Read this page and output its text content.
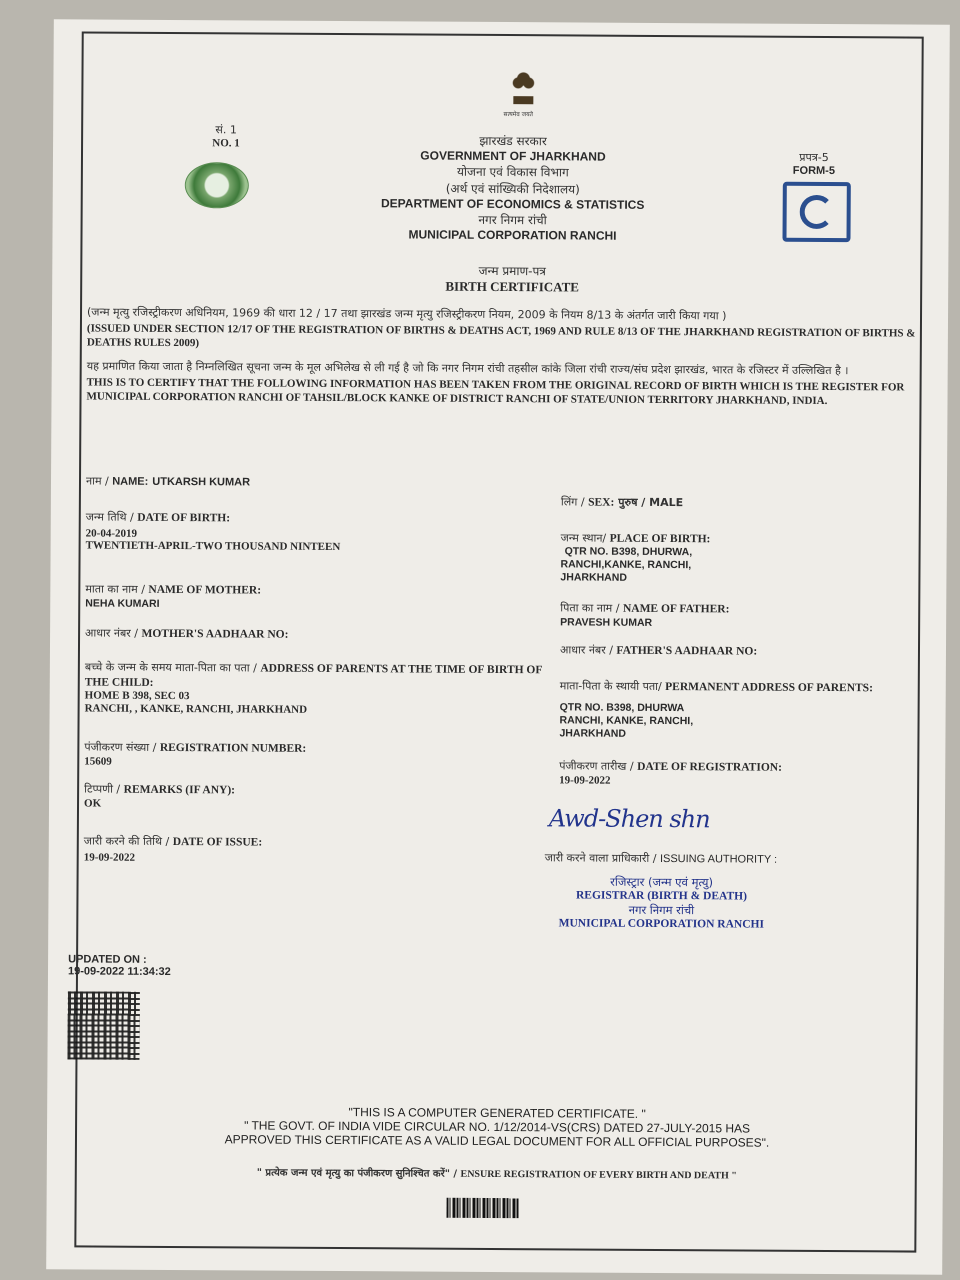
सत्यमेव जयते
सं. 1
NO. 1	झारखंड सरकार
GOVERNMENT OF JHARKHAND
योजना एवं विकास विभाग
(अर्थ एवं सांख्यिकी निदेशालय)
DEPARTMENT OF ECONOMICS & STATISTICS
नगर निगम रांची
MUNICIPAL CORPORATION RANCHI
प्रपत्र-5
FORM-5
जन्म प्रमाण-पत्र
BIRTH CERTIFICATE
(जन्म मृत्यु रजिस्ट्रीकरण अधिनियम, 1969 की धारा 12 / 17 तथा झारखंड जन्म मृत्यु रजिस्ट्रीकरण नियम, 2009 के नियम 8/13 के अंतर्गत जारी किया गया )
(ISSUED UNDER SECTION 12/17 OF THE REGISTRATION OF BIRTHS & DEATHS ACT, 1969 AND RULE 8/13 OF THE JHARKHAND REGISTRATION OF BIRTHS & DEATHS RULES 2009)
यह प्रमाणित किया जाता है निम्नलिखित सूचना जन्म के मूल अभिलेख से ली गई है जो कि नगर निगम रांची तहसील कांके जिला रांची राज्य/संघ प्रदेश झारखंड, भारत के रजिस्टर में उल्लिखित है ।
THIS IS TO CERTIFY THAT THE FOLLOWING INFORMATION HAS BEEN TAKEN FROM THE ORIGINAL RECORD OF BIRTH WHICH IS THE REGISTER FOR MUNICIPAL CORPORATION RANCHI OF TAHSIL/BLOCK KANKE OF DISTRICT RANCHI OF STATE/UNION TERRITORY JHARKHAND, INDIA.
नाम / NAME: UTKARSH KUMAR
जन्म तिथि / DATE OF BIRTH:
20-04-2019
TWENTIETH-APRIL-TWO THOUSAND NINTEEN
माता का नाम / NAME OF MOTHER:
NEHA KUMARI
आधार नंबर / MOTHER'S AADHAAR NO:
बच्चे के जन्म के समय माता-पिता का पता / ADDRESS OF PARENTS AT THE TIME OF BIRTH OF THE CHILD:
HOME B 398, SEC 03
RANCHI, , KANKE, RANCHI, JHARKHAND
पंजीकरण संख्या / REGISTRATION NUMBER:
15609
टिप्पणी / REMARKS (IF ANY):
OK
जारी करने की तिथि / DATE OF ISSUE:
19-09-2022
लिंग / SEX: पुरुष / MALE
जन्म स्थान/ PLACE OF BIRTH:
QTR NO. B398, DHURWA,
RANCHI,KANKE, RANCHI,
JHARKHAND
पिता का नाम / NAME OF FATHER:
PRAVESH KUMAR
आधार नंबर / FATHER'S AADHAAR NO:
माता-पिता के स्थायी पता/ PERMANENT ADDRESS OF PARENTS:
QTR NO. B398, DHURWA
RANCHI, KANKE, RANCHI,
JHARKHAND
पंजीकरण तारीख / DATE OF REGISTRATION:
19-09-2022
Awd-Shen shn
जारी करने वाला प्राधिकारी / ISSUING AUTHORITY :
रजिस्ट्रार (जन्म एवं मृत्यु)
REGISTRAR (BIRTH & DEATH)
नगर निगम रांची
MUNICIPAL CORPORATION RANCHI
UPDATED ON :
19-09-2022 11:34:32
"THIS IS A COMPUTER GENERATED CERTIFICATE. "
" THE GOVT. OF INDIA VIDE CIRCULAR NO. 1/12/2014-VS(CRS) DATED 27-JULY-2015 HAS
APPROVED THIS CERTIFICATE AS A VALID LEGAL DOCUMENT FOR ALL OFFICIAL PURPOSES".
" प्रत्येक जन्म एवं मृत्यु का पंजीकरण सुनिश्चित करें" / ENSURE REGISTRATION OF EVERY BIRTH AND DEATH "
